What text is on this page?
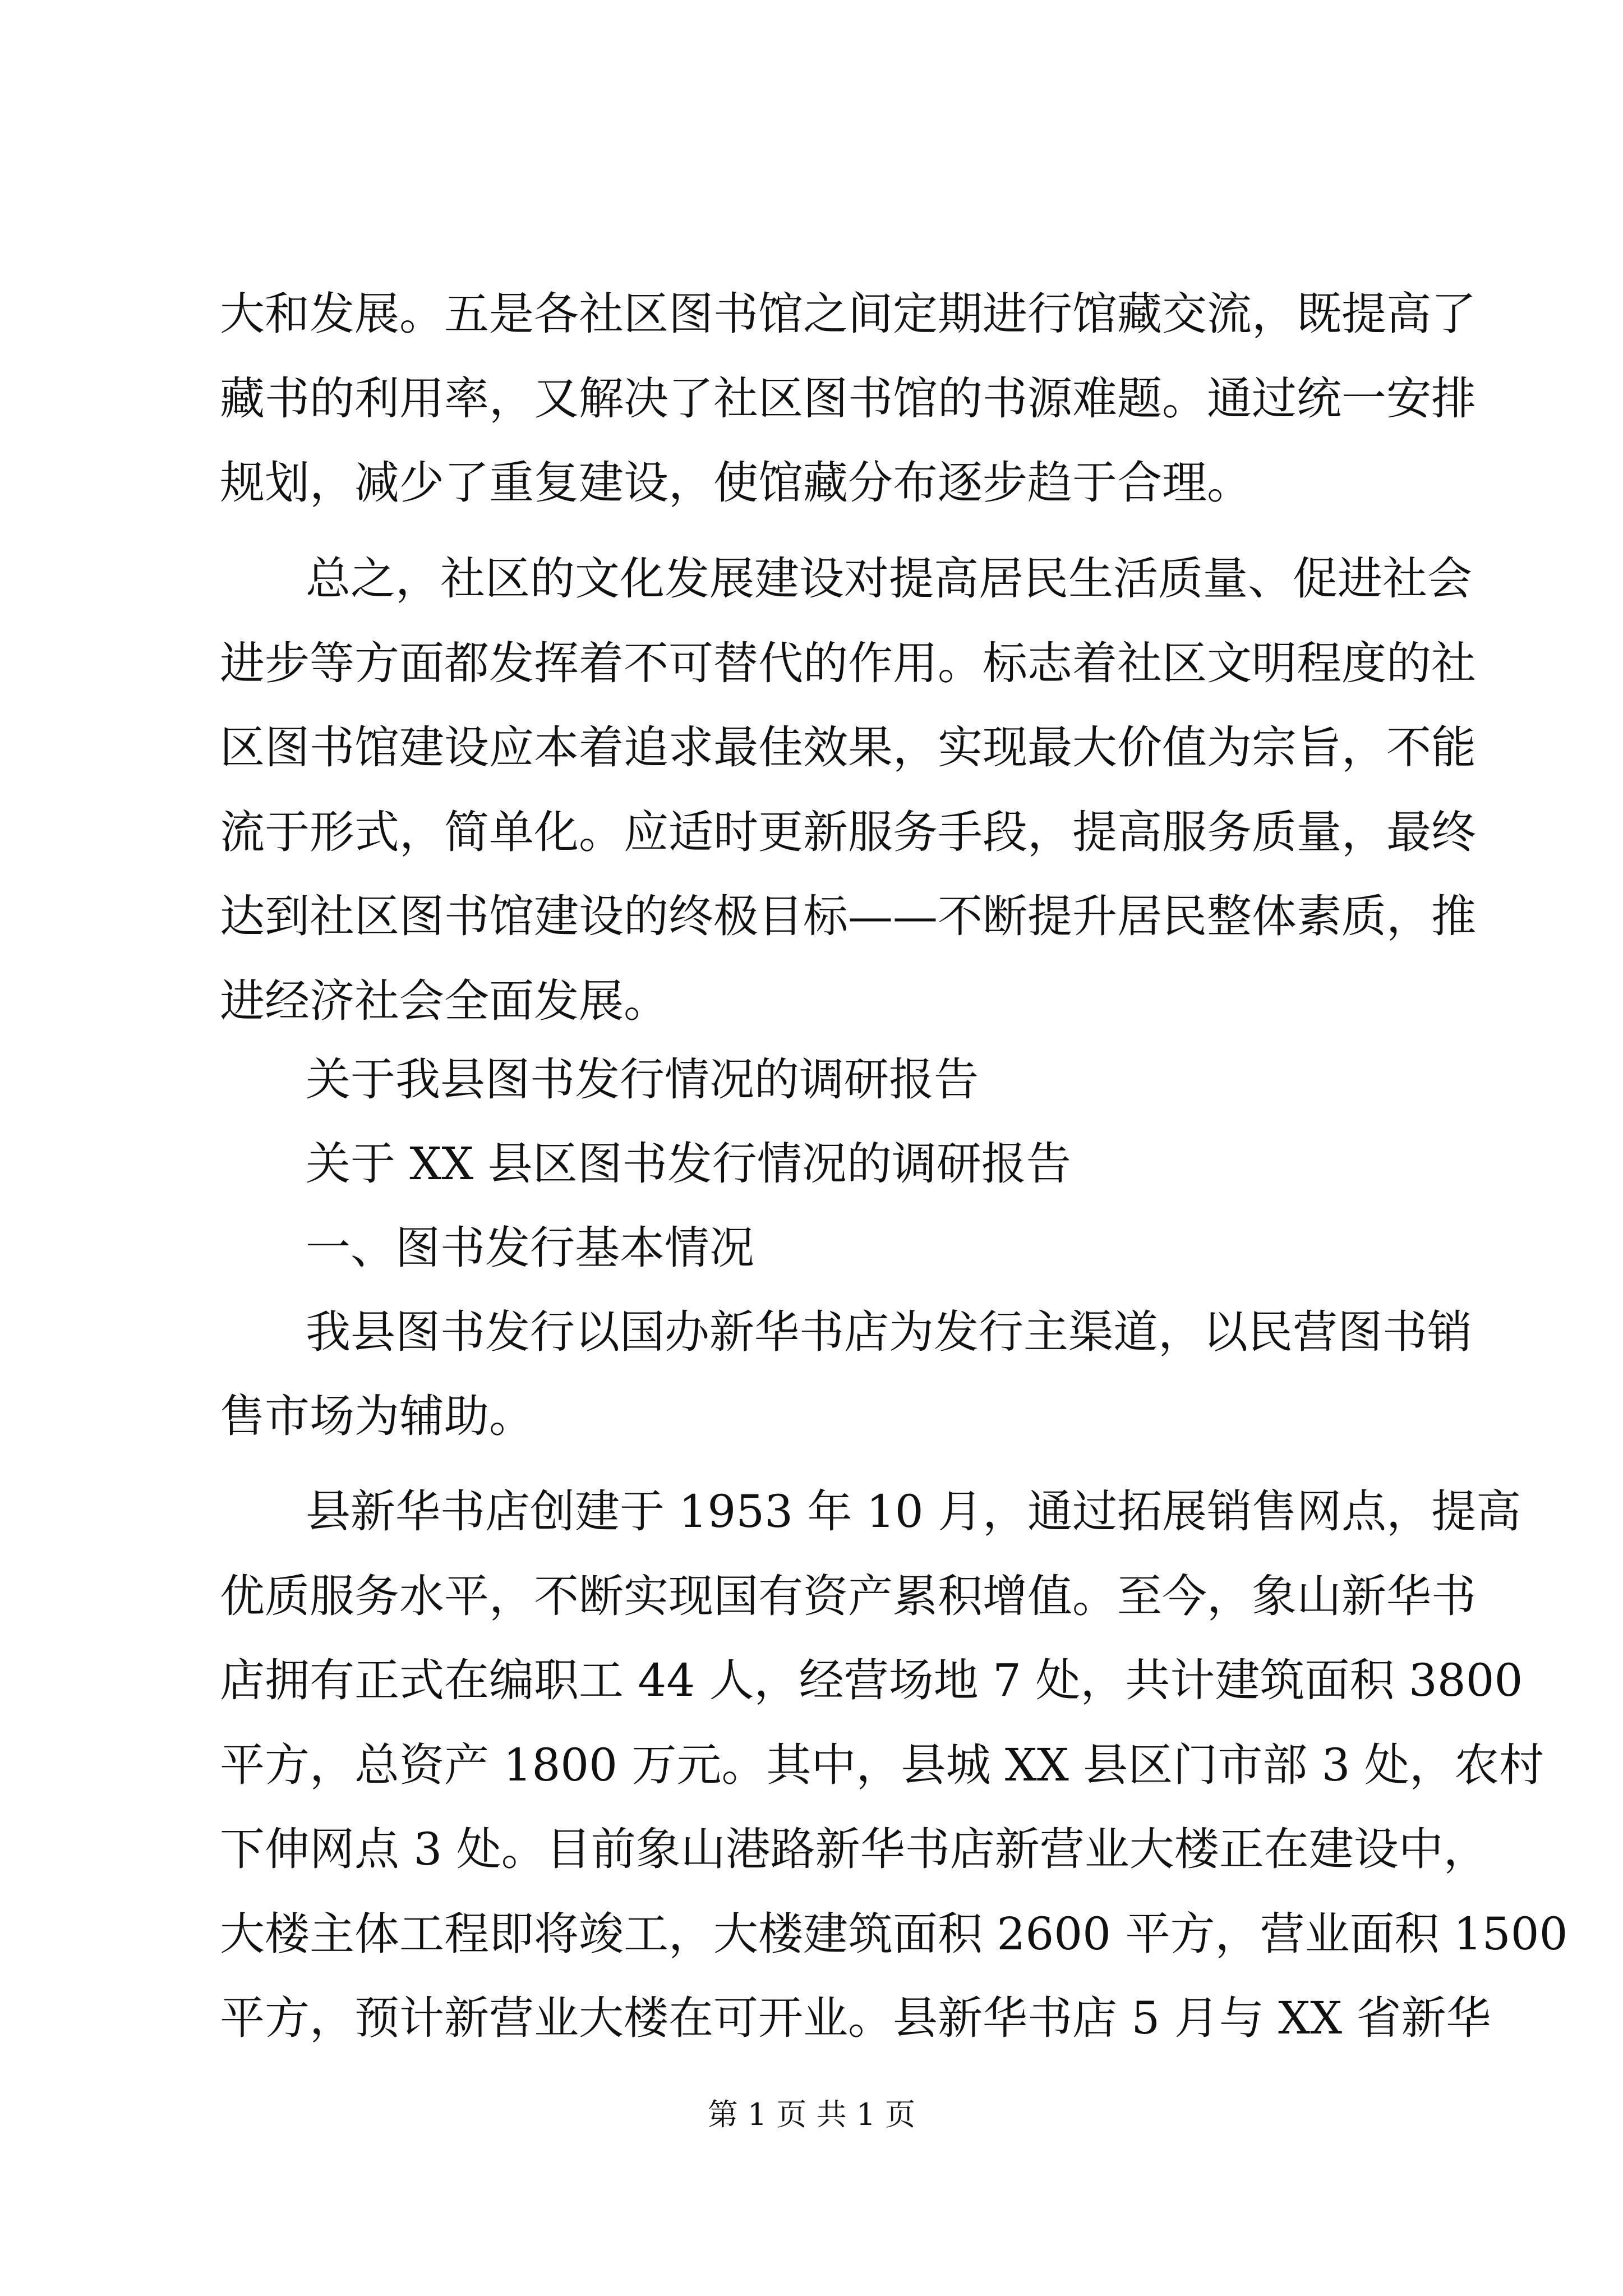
大和发展。五是各社区图书馆之间定期进行馆藏交流，既提高了
藏书的利用率，又解决了社区图书馆的书源难题。通过统一安排
规划，减少了重复建设，使馆藏分布逐步趋于合理。
总之，社区的文化发展建设对提高居民生活质量、促进社会
进步等方面都发挥着不可替代的作用。标志着社区文明程度的社
区图书馆建设应本着追求最佳效果，实现最大价值为宗旨，不能
流于形式，简单化。应适时更新服务手段，提高服务质量，最终
达到社区图书馆建设的终极目标——不断提升居民整体素质，推
进经济社会全面发展。
关于我县图书发行情况的调研报告
关于 XX 县区图书发行情况的调研报告
一、图书发行基本情况
我县图书发行以国办新华书店为发行主渠道，以民营图书销
售市场为辅助。
县新华书店创建于 1953 年 10 月，通过拓展销售网点，提高
优质服务水平，不断实现国有资产累积增值。至今，象山新华书
店拥有正式在编职工 44 人，经营场地 7 处，共计建筑面积 3800
平方，总资产 1800 万元。其中，县城 XX 县区门市部 3 处，农村
下伸网点 3 处。目前象山港路新华书店新营业大楼正在建设中，
大楼主体工程即将竣工，大楼建筑面积 2600 平方，营业面积 1500
平方，预计新营业大楼在可开业。县新华书店 5 月与 XX 省新华
第 1 页 共 1 页
